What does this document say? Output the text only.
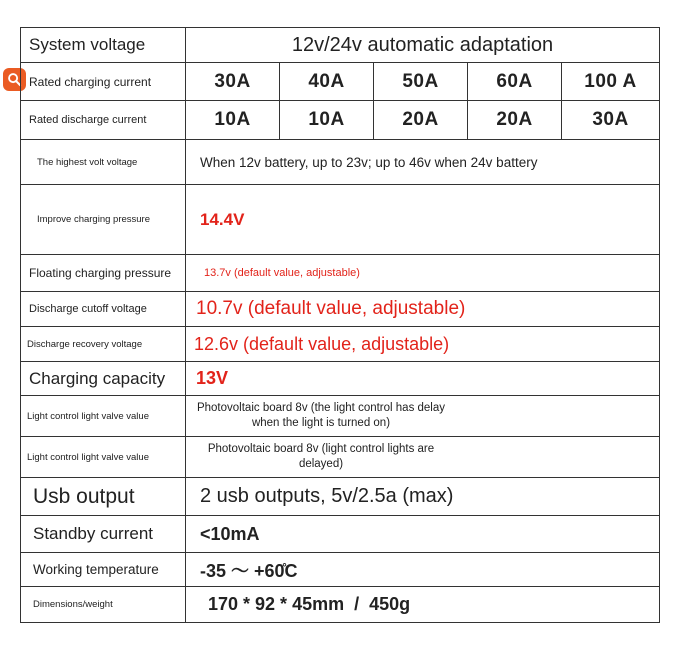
System voltage	12v/24v automatic adaptation				
Rated charging current	30A	40A	50A	60A	100 A
Rated discharge current	10A	10A	20A	20A	30A
The highest volt voltage	When 12v battery, up to 23v; up to 46v when 24v battery				
Improve charging pressure	14.4V				
Floating charging pressure	13.7v (default value, adjustable)				
Discharge cutoff voltage	10.7v (default value, adjustable)				
Discharge recovery voltage	12.6v (default value, adjustable)				
Charging capacity	13V				
Light control light valve value	Photovoltaic board 8v (the light control has delay when the light is turned on)				
Light control light valve value	Photovoltaic board 8v (light control lights are delayed)				
Usb output	2 usb outputs, 5v/2.5a (max)				
Standby current	<10mA				
Working temperature	-35 ～ +60̊C				
Dimensions/weight	170 * 92 * 45mm  /  450g				
